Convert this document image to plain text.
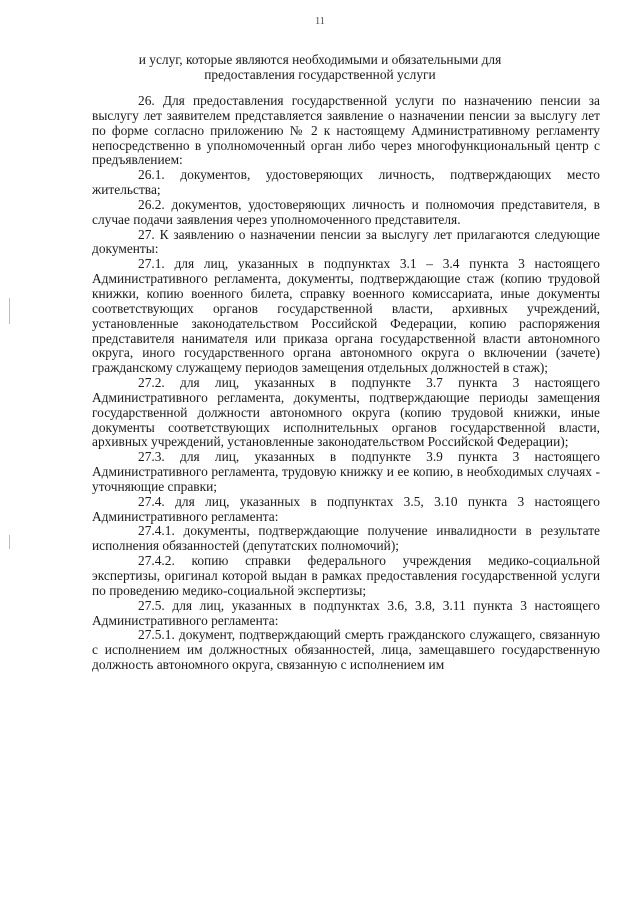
11
и услуг, которые являются необходимыми и обязательными для предоставления государственной услуги

26. Для предоставления государственной услуги по назначению пенсии за выслугу лет заявителем представляется заявление о назначении пенсии за выслугу лет по форме согласно приложению № 2 к настоящему Административному регламенту непосредственно в уполномоченный орган либо через многофункциональный центр с предъявлением:

26.1. документов, удостоверяющих личность, подтверждающих место жительства;

26.2. документов, удостоверяющих личность и полномочия представителя, в случае подачи заявления через уполномоченного представителя.

27. К заявлению о назначении пенсии за выслугу лет прилагаются следующие документы:

27.1. для лиц, указанных в подпунктах 3.1 – 3.4 пункта 3 настоящего Административного регламента, документы, подтверждающие стаж (копию трудовой книжки, копию военного билета, справку военного комиссариата, иные документы соответствующих органов государственной власти, архивных учреждений, установленные законодательством Российской Федерации, копию распоряжения представителя нанимателя или приказа органа государственной власти автономного округа, иного государственного органа автономного округа о включении (зачете) гражданскому служащему периодов замещения отдельных должностей в стаж);

27.2. для лиц, указанных в подпункте 3.7 пункта 3 настоящего Административного регламента, документы, подтверждающие периоды замещения государственной должности автономного округа (копию трудовой книжки, иные документы соответствующих исполнительных органов государственной власти, архивных учреждений, установленные законодательством Российской Федерации);

27.3. для лиц, указанных в подпункте 3.9 пункта 3 настоящего Административного регламента, трудовую книжку и ее копию, в необходимых случаях - уточняющие справки;

27.4. для лиц, указанных в подпунктах 3.5, 3.10 пункта 3 настоящего Административного регламента:

27.4.1. документы, подтверждающие получение инвалидности в результате исполнения обязанностей (депутатских полномочий);

27.4.2. копию справки федерального учреждения медико-социальной экспертизы, оригинал которой выдан в рамках предоставления государственной услуги по проведению медико-социальной экспертизы;

27.5. для лиц, указанных в подпунктах 3.6, 3.8, 3.11 пункта 3 настоящего Административного регламента:

27.5.1. документ, подтверждающий смерть гражданского служащего, связанную с исполнением им должностных обязанностей, лица, замещавшего государственную должность автономного округа, связанную с исполнением им
